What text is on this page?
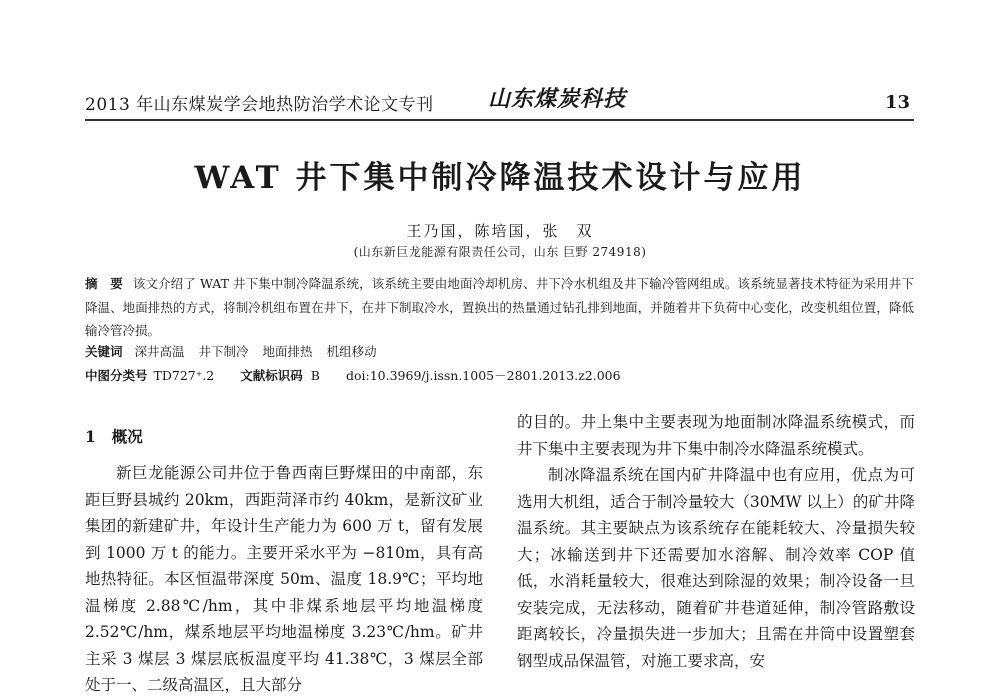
2013 年山东煤炭学会地热防治学术论文专刊 山东煤炭科技	13
WAT 井下集中制冷降温技术设计与应用
王乃国，陈培国，张　双
(山东新巨龙能源有限责任公司，山东 巨野 274918)
摘　要 该文介绍了 WAT 井下集中制冷降温系统，该系统主要由地面冷却机房、井下冷水机组及井下输冷管网组成。该系统显著技术特征为采用井下降温、地面排热的方式，将制冷机组布置在井下，在井下制取冷水，置换出的热量通过钻孔排到地面，并随着井下负荷中心变化，改变机组位置，降低输冷管冷损。
关键词 深井高温 井下制冷 地面排热 机组移动
中图分类号 TD727⁺.2 文献标识码 B doi:10.3969/j.issn.1005－2801.2013.z2.006
1 概况

新巨龙能源公司井位于鲁西南巨野煤田的中南部，东距巨野县城约 20km，西距菏泽市约 40km，是新汶矿业集团的新建矿井，年设计生产能力为 600 万 t，留有发展到 1000 万 t 的能力。主要开采水平为 −810m，具有高地热特征。本区恒温带深度 50m、温度 18.9℃；平均地温梯度 2.88℃/hm，其中非煤系地层平均地温梯度 2.52℃/hm，煤系地层平均地温梯度 3.23℃/hm。矿井主采 3 煤层 3 煤层底板温度平均 41.38℃，3 煤层全部处于一、二级高温区，且大部分

的目的。井上集中主要表现为地面制冰降温系统模式，而井下集中主要表现为井下集中制冷水降温系统模式。

制冰降温系统在国内矿井降温中也有应用，优点为可选用大机组，适合于制冷量较大（30MW 以上）的矿井降温系统。其主要缺点为该系统存在能耗较大、冷量损失较大；冰输送到井下还需要加水溶解、制冷效率 COP 值低，水消耗量较大，很难达到除湿的效果；制冷设备一旦安装完成，无法移动，随着矿井巷道延伸，制冷管路敷设距离较长，冷量损失进一步加大；且需在井筒中设置塑套钢型成品保温管，对施工要求高，安
